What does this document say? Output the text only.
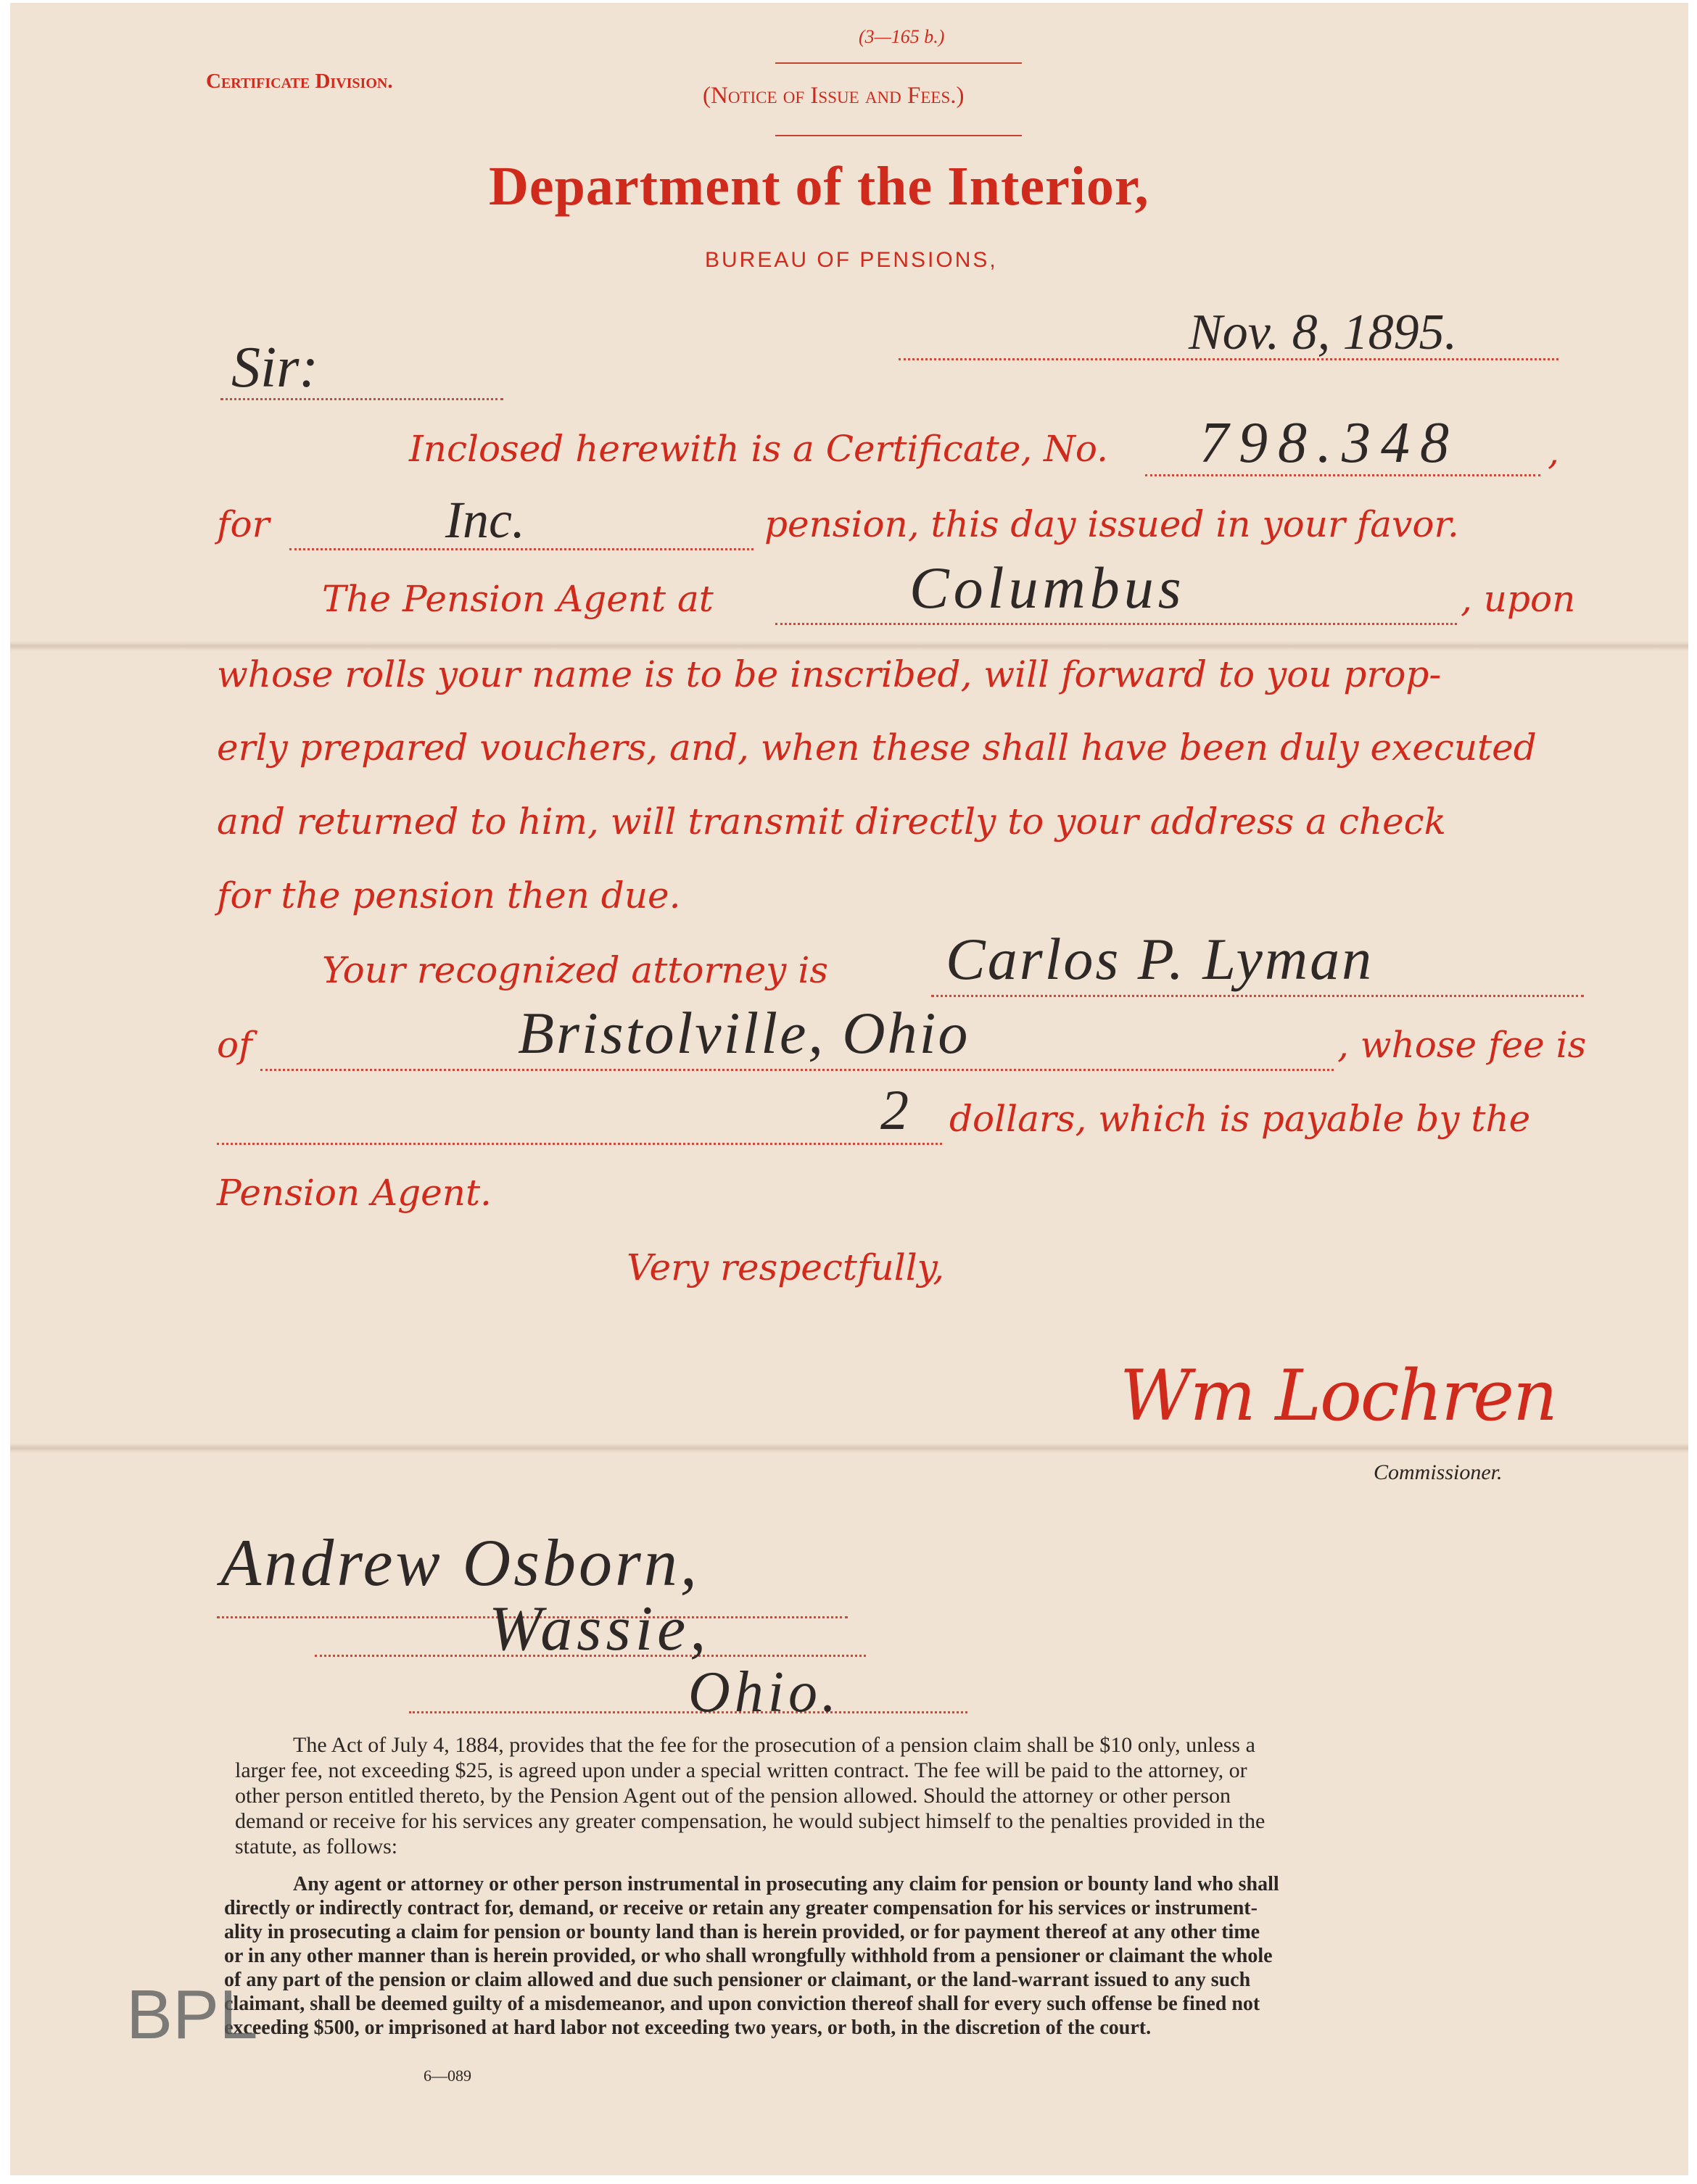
(3—165 b.)
Certificate Division.
(Notice of Issue and Fees.)
Department of the Interior,
BUREAU OF PENSIONS,
Nov. 8, 1895.
Sir:
Inclosed herewith is a Certificate, No. 798.348 ,
for	Inc.	pension, this day issued in your favor.
The Pension Agent at	Columbus	, upon
whose rolls your name is to be inscribed, will forward to you prop-
erly prepared vouchers, and, when these shall have been duly executed
and returned to him, will transmit directly to your address a check
for the pension then due.
Your recognized attorney is Carlos P. Lyman
of	Bristolville, Ohio	, whose fee is
2 dollars, which is payable by the
Pension Agent.
Very respectfully,
Wm Lochren
Commissioner.
Andrew Osborn,
Wassie,
Ohio.
The Act of July 4, 1884, provides that the fee for the prosecution of a pension claim shall be $10 only, unless a
larger fee, not exceeding $25, is agreed upon under a special written contract. The fee will be paid to the attorney, or
other person entitled thereto, by the Pension Agent out of the pension allowed. Should the attorney or other person
demand or receive for his services any greater compensation, he would subject himself to the penalties provided in the
statute, as follows:
Any agent or attorney or other person instrumental in prosecuting any claim for pension or bounty land who shall
directly or indirectly contract for, demand, or receive or retain any greater compensation for his services or instrument-
ality in prosecuting a claim for pension or bounty land than is herein provided, or for payment thereof at any other time
or in any other manner than is herein provided, or who shall wrongfully withhold from a pensioner or claimant the whole
of any part of the pension or claim allowed and due such pensioner or claimant, or the land-warrant issued to any such
claimant, shall be deemed guilty of a misdemeanor, and upon conviction thereof shall for every such offense be fined not
exceeding $500, or imprisoned at hard labor not exceeding two years, or both, in the discretion of the court.
6—089
BPL
